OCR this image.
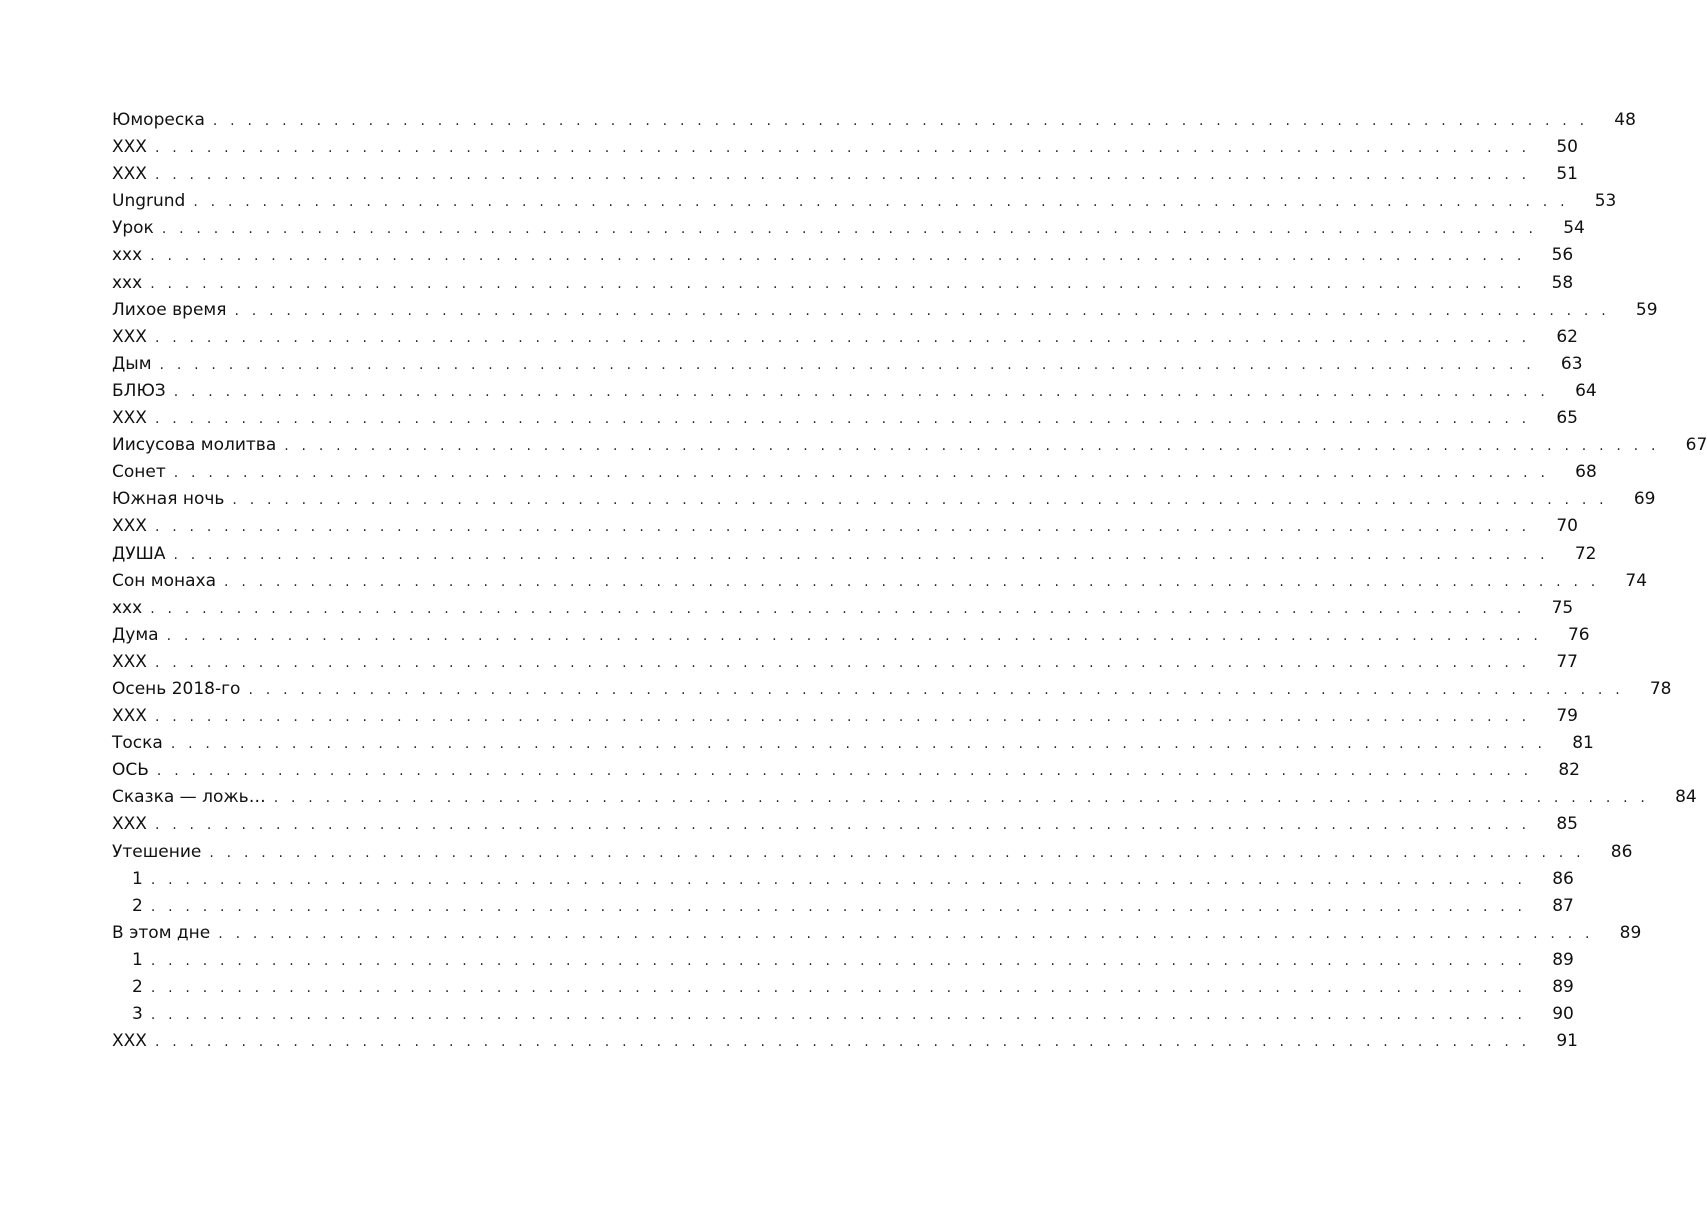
Юмореска . . . . . . . . . . . . . . . . . . . . . . . . . . . . . . . . . . . . . . . . . . . . . . . . . . . . . . . . . . . . . . . . . . . . . . . . . . . . . . . . 48
ХХХ . . . . . . . . . . . . . . . . . . . . . . . . . . . . . . . . . . . . . . . . . . . . . . . . . . . . . . . . . . . . . . . . . . . . . . . . . . . . . . . . 50
ХХХ . . . . . . . . . . . . . . . . . . . . . . . . . . . . . . . . . . . . . . . . . . . . . . . . . . . . . . . . . . . . . . . . . . . . . . . . . . . . . . . . 51
Ungrund . . . . . . . . . . . . . . . . . . . . . . . . . . . . . . . . . . . . . . . . . . . . . . . . . . . . . . . . . . . . . . . . . . . . . . . . . . . . . . . . 53
Урок . . . . . . . . . . . . . . . . . . . . . . . . . . . . . . . . . . . . . . . . . . . . . . . . . . . . . . . . . . . . . . . . . . . . . . . . . . . . . . . . 54
ххх . . . . . . . . . . . . . . . . . . . . . . . . . . . . . . . . . . . . . . . . . . . . . . . . . . . . . . . . . . . . . . . . . . . . . . . . . . . . . . . . 56
ххх . . . . . . . . . . . . . . . . . . . . . . . . . . . . . . . . . . . . . . . . . . . . . . . . . . . . . . . . . . . . . . . . . . . . . . . . . . . . . . . . 58
Лихое время . . . . . . . . . . . . . . . . . . . . . . . . . . . . . . . . . . . . . . . . . . . . . . . . . . . . . . . . . . . . . . . . . . . . . . . . . . . . . . . . 59
ХХХ . . . . . . . . . . . . . . . . . . . . . . . . . . . . . . . . . . . . . . . . . . . . . . . . . . . . . . . . . . . . . . . . . . . . . . . . . . . . . . . . 62
Дым . . . . . . . . . . . . . . . . . . . . . . . . . . . . . . . . . . . . . . . . . . . . . . . . . . . . . . . . . . . . . . . . . . . . . . . . . . . . . . . . 63
БЛЮЗ . . . . . . . . . . . . . . . . . . . . . . . . . . . . . . . . . . . . . . . . . . . . . . . . . . . . . . . . . . . . . . . . . . . . . . . . . . . . . . . . 64
ХХХ . . . . . . . . . . . . . . . . . . . . . . . . . . . . . . . . . . . . . . . . . . . . . . . . . . . . . . . . . . . . . . . . . . . . . . . . . . . . . . . . 65
Иисусова молитва . . . . . . . . . . . . . . . . . . . . . . . . . . . . . . . . . . . . . . . . . . . . . . . . . . . . . . . . . . . . . . . . . . . . . . . . . . . . . . . . 67
Сонет . . . . . . . . . . . . . . . . . . . . . . . . . . . . . . . . . . . . . . . . . . . . . . . . . . . . . . . . . . . . . . . . . . . . . . . . . . . . . . . . 68
Южная ночь . . . . . . . . . . . . . . . . . . . . . . . . . . . . . . . . . . . . . . . . . . . . . . . . . . . . . . . . . . . . . . . . . . . . . . . . . . . . . . . . 69
ХХХ . . . . . . . . . . . . . . . . . . . . . . . . . . . . . . . . . . . . . . . . . . . . . . . . . . . . . . . . . . . . . . . . . . . . . . . . . . . . . . . . 70
ДУША . . . . . . . . . . . . . . . . . . . . . . . . . . . . . . . . . . . . . . . . . . . . . . . . . . . . . . . . . . . . . . . . . . . . . . . . . . . . . . . . 72
Сон монаха . . . . . . . . . . . . . . . . . . . . . . . . . . . . . . . . . . . . . . . . . . . . . . . . . . . . . . . . . . . . . . . . . . . . . . . . . . . . . . . . 74
ххх . . . . . . . . . . . . . . . . . . . . . . . . . . . . . . . . . . . . . . . . . . . . . . . . . . . . . . . . . . . . . . . . . . . . . . . . . . . . . . . . 75
Дума . . . . . . . . . . . . . . . . . . . . . . . . . . . . . . . . . . . . . . . . . . . . . . . . . . . . . . . . . . . . . . . . . . . . . . . . . . . . . . . . 76
ХХХ . . . . . . . . . . . . . . . . . . . . . . . . . . . . . . . . . . . . . . . . . . . . . . . . . . . . . . . . . . . . . . . . . . . . . . . . . . . . . . . . 77
Осень 2018-го . . . . . . . . . . . . . . . . . . . . . . . . . . . . . . . . . . . . . . . . . . . . . . . . . . . . . . . . . . . . . . . . . . . . . . . . . . . . . . . . 78
ХХХ . . . . . . . . . . . . . . . . . . . . . . . . . . . . . . . . . . . . . . . . . . . . . . . . . . . . . . . . . . . . . . . . . . . . . . . . . . . . . . . . 79
Тоска . . . . . . . . . . . . . . . . . . . . . . . . . . . . . . . . . . . . . . . . . . . . . . . . . . . . . . . . . . . . . . . . . . . . . . . . . . . . . . . . 81
ОСЬ . . . . . . . . . . . . . . . . . . . . . . . . . . . . . . . . . . . . . . . . . . . . . . . . . . . . . . . . . . . . . . . . . . . . . . . . . . . . . . . . 82
Сказка — ложь… . . . . . . . . . . . . . . . . . . . . . . . . . . . . . . . . . . . . . . . . . . . . . . . . . . . . . . . . . . . . . . . . . . . . . . . . . . . . . . . . 84
ХХХ . . . . . . . . . . . . . . . . . . . . . . . . . . . . . . . . . . . . . . . . . . . . . . . . . . . . . . . . . . . . . . . . . . . . . . . . . . . . . . . . 85
Утешение . . . . . . . . . . . . . . . . . . . . . . . . . . . . . . . . . . . . . . . . . . . . . . . . . . . . . . . . . . . . . . . . . . . . . . . . . . . . . . . . 86
1 . . . . . . . . . . . . . . . . . . . . . . . . . . . . . . . . . . . . . . . . . . . . . . . . . . . . . . . . . . . . . . . . . . . . . . . . . . . . . . . . 86
2 . . . . . . . . . . . . . . . . . . . . . . . . . . . . . . . . . . . . . . . . . . . . . . . . . . . . . . . . . . . . . . . . . . . . . . . . . . . . . . . . 87
В этом дне . . . . . . . . . . . . . . . . . . . . . . . . . . . . . . . . . . . . . . . . . . . . . . . . . . . . . . . . . . . . . . . . . . . . . . . . . . . . . . . . 89
1 . . . . . . . . . . . . . . . . . . . . . . . . . . . . . . . . . . . . . . . . . . . . . . . . . . . . . . . . . . . . . . . . . . . . . . . . . . . . . . . . 89
2 . . . . . . . . . . . . . . . . . . . . . . . . . . . . . . . . . . . . . . . . . . . . . . . . . . . . . . . . . . . . . . . . . . . . . . . . . . . . . . . . 89
3 . . . . . . . . . . . . . . . . . . . . . . . . . . . . . . . . . . . . . . . . . . . . . . . . . . . . . . . . . . . . . . . . . . . . . . . . . . . . . . . . 90
ХХХ . . . . . . . . . . . . . . . . . . . . . . . . . . . . . . . . . . . . . . . . . . . . . . . . . . . . . . . . . . . . . . . . . . . . . . . . . . . . . . . . 91
